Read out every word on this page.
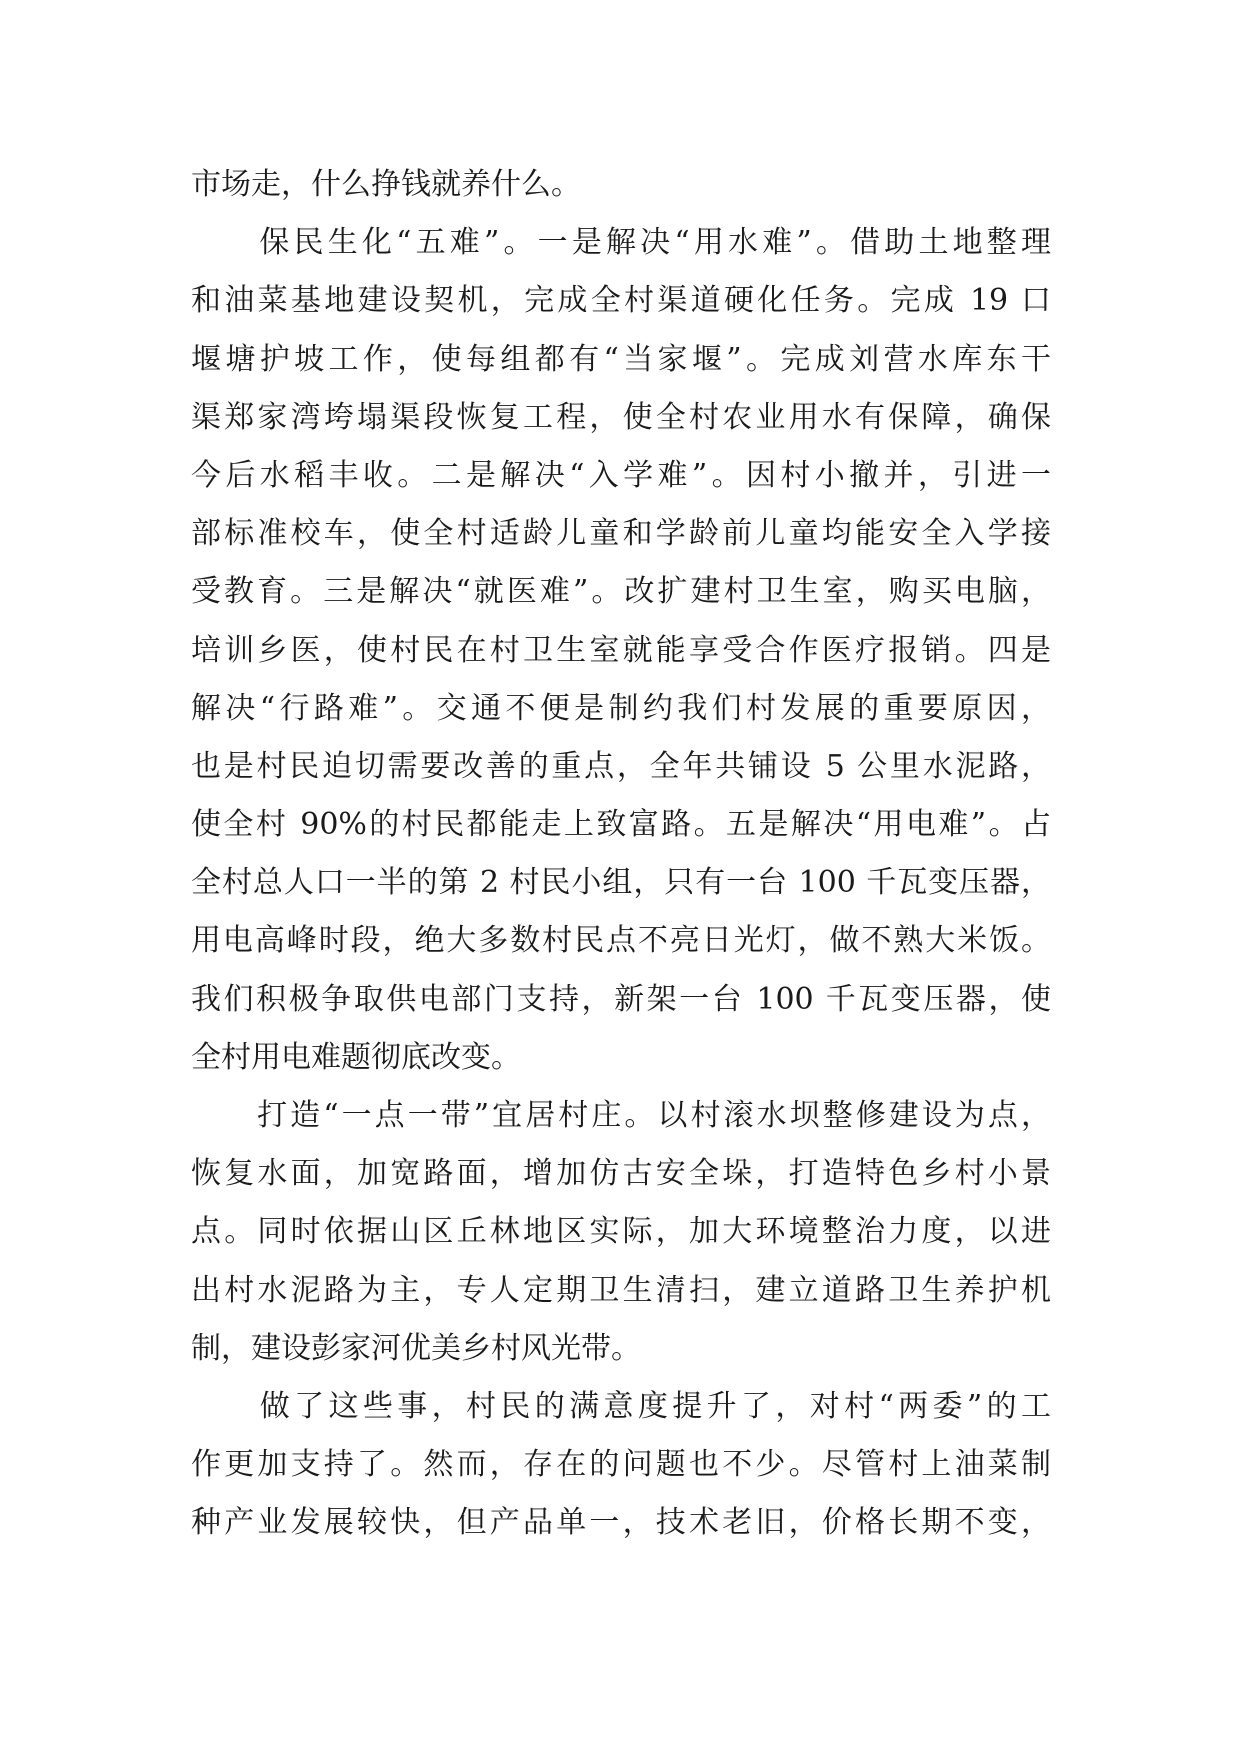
市场走，什么挣钱就养什么。
　　保民生化“五难”。一是解决“用水难”。借助土地整理
和油菜基地建设契机，完成全村渠道硬化任务。完成 19 口
堰塘护坡工作，使每组都有“当家堰”。完成刘营水库东干
渠郑家湾垮塌渠段恢复工程，使全村农业用水有保障，确保
今后水稻丰收。二是解决“入学难”。因村小撤并，引进一
部标准校车，使全村适龄儿童和学龄前儿童均能安全入学接
受教育。三是解决“就医难”。改扩建村卫生室，购买电脑，
培训乡医，使村民在村卫生室就能享受合作医疗报销。四是
解决“行路难”。交通不便是制约我们村发展的重要原因，
也是村民迫切需要改善的重点，全年共铺设 5 公里水泥路，
使全村 90%的村民都能走上致富路。五是解决“用电难”。占
全村总人口一半的第 2 村民小组，只有一台 100 千瓦变压器，
用电高峰时段，绝大多数村民点不亮日光灯，做不熟大米饭。
我们积极争取供电部门支持，新架一台 100 千瓦变压器，使
全村用电难题彻底改变。
　　打造“一点一带”宜居村庄。以村滚水坝整修建设为点，
恢复水面，加宽路面，增加仿古安全垛，打造特色乡村小景
点。同时依据山区丘林地区实际，加大环境整治力度，以进
出村水泥路为主，专人定期卫生清扫，建立道路卫生养护机
制，建设彭家河优美乡村风光带。
　　做了这些事，村民的满意度提升了，对村“两委”的工
作更加支持了。然而，存在的问题也不少。尽管村上油菜制
种产业发展较快，但产品单一，技术老旧，价格长期不变，
